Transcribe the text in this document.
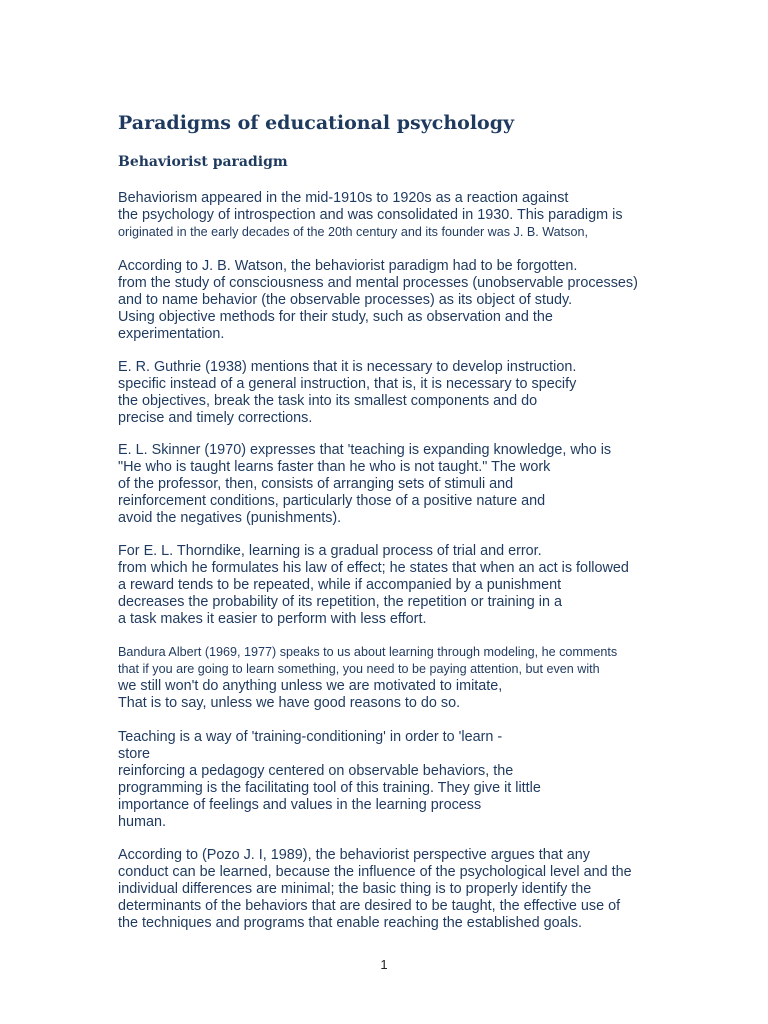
Paradigms of educational psychology
Behaviorist paradigm
Behaviorism appeared in the mid-1910s to 1920s as a reaction against
the psychology of introspection and was consolidated in 1930. This paradigm is
originated in the early decades of the 20th century and its founder was J. B. Watson,
According to J. B. Watson, the behaviorist paradigm had to be forgotten.
from the study of consciousness and mental processes (unobservable processes)
and to name behavior (the observable processes) as its object of study.
Using objective methods for their study, such as observation and the
experimentation.
E. R. Guthrie (1938) mentions that it is necessary to develop instruction.
specific instead of a general instruction, that is, it is necessary to specify
the objectives, break the task into its smallest components and do
precise and timely corrections.
E. L. Skinner (1970) expresses that 'teaching is expanding knowledge, who is
"He who is taught learns faster than he who is not taught." The work
of the professor, then, consists of arranging sets of stimuli and
reinforcement conditions, particularly those of a positive nature and
avoid the negatives (punishments).
For E. L. Thorndike, learning is a gradual process of trial and error.
from which he formulates his law of effect; he states that when an act is followed
a reward tends to be repeated, while if accompanied by a punishment
decreases the probability of its repetition, the repetition or training in a
a task makes it easier to perform with less effort.
Bandura Albert (1969, 1977) speaks to us about learning through modeling, he comments
that if you are going to learn something, you need to be paying attention, but even with
we still won't do anything unless we are motivated to imitate,
That is to say, unless we have good reasons to do so.
Teaching is a way of 'training-conditioning' in order to 'learn -
store
reinforcing a pedagogy centered on observable behaviors, the
programming is the facilitating tool of this training. They give it little
importance of feelings and values in the learning process
human.
According to (Pozo J. I, 1989), the behaviorist perspective argues that any
conduct can be learned, because the influence of the psychological level and the
individual differences are minimal; the basic thing is to properly identify the
determinants of the behaviors that are desired to be taught, the effective use of
the techniques and programs that enable reaching the established goals.
1
